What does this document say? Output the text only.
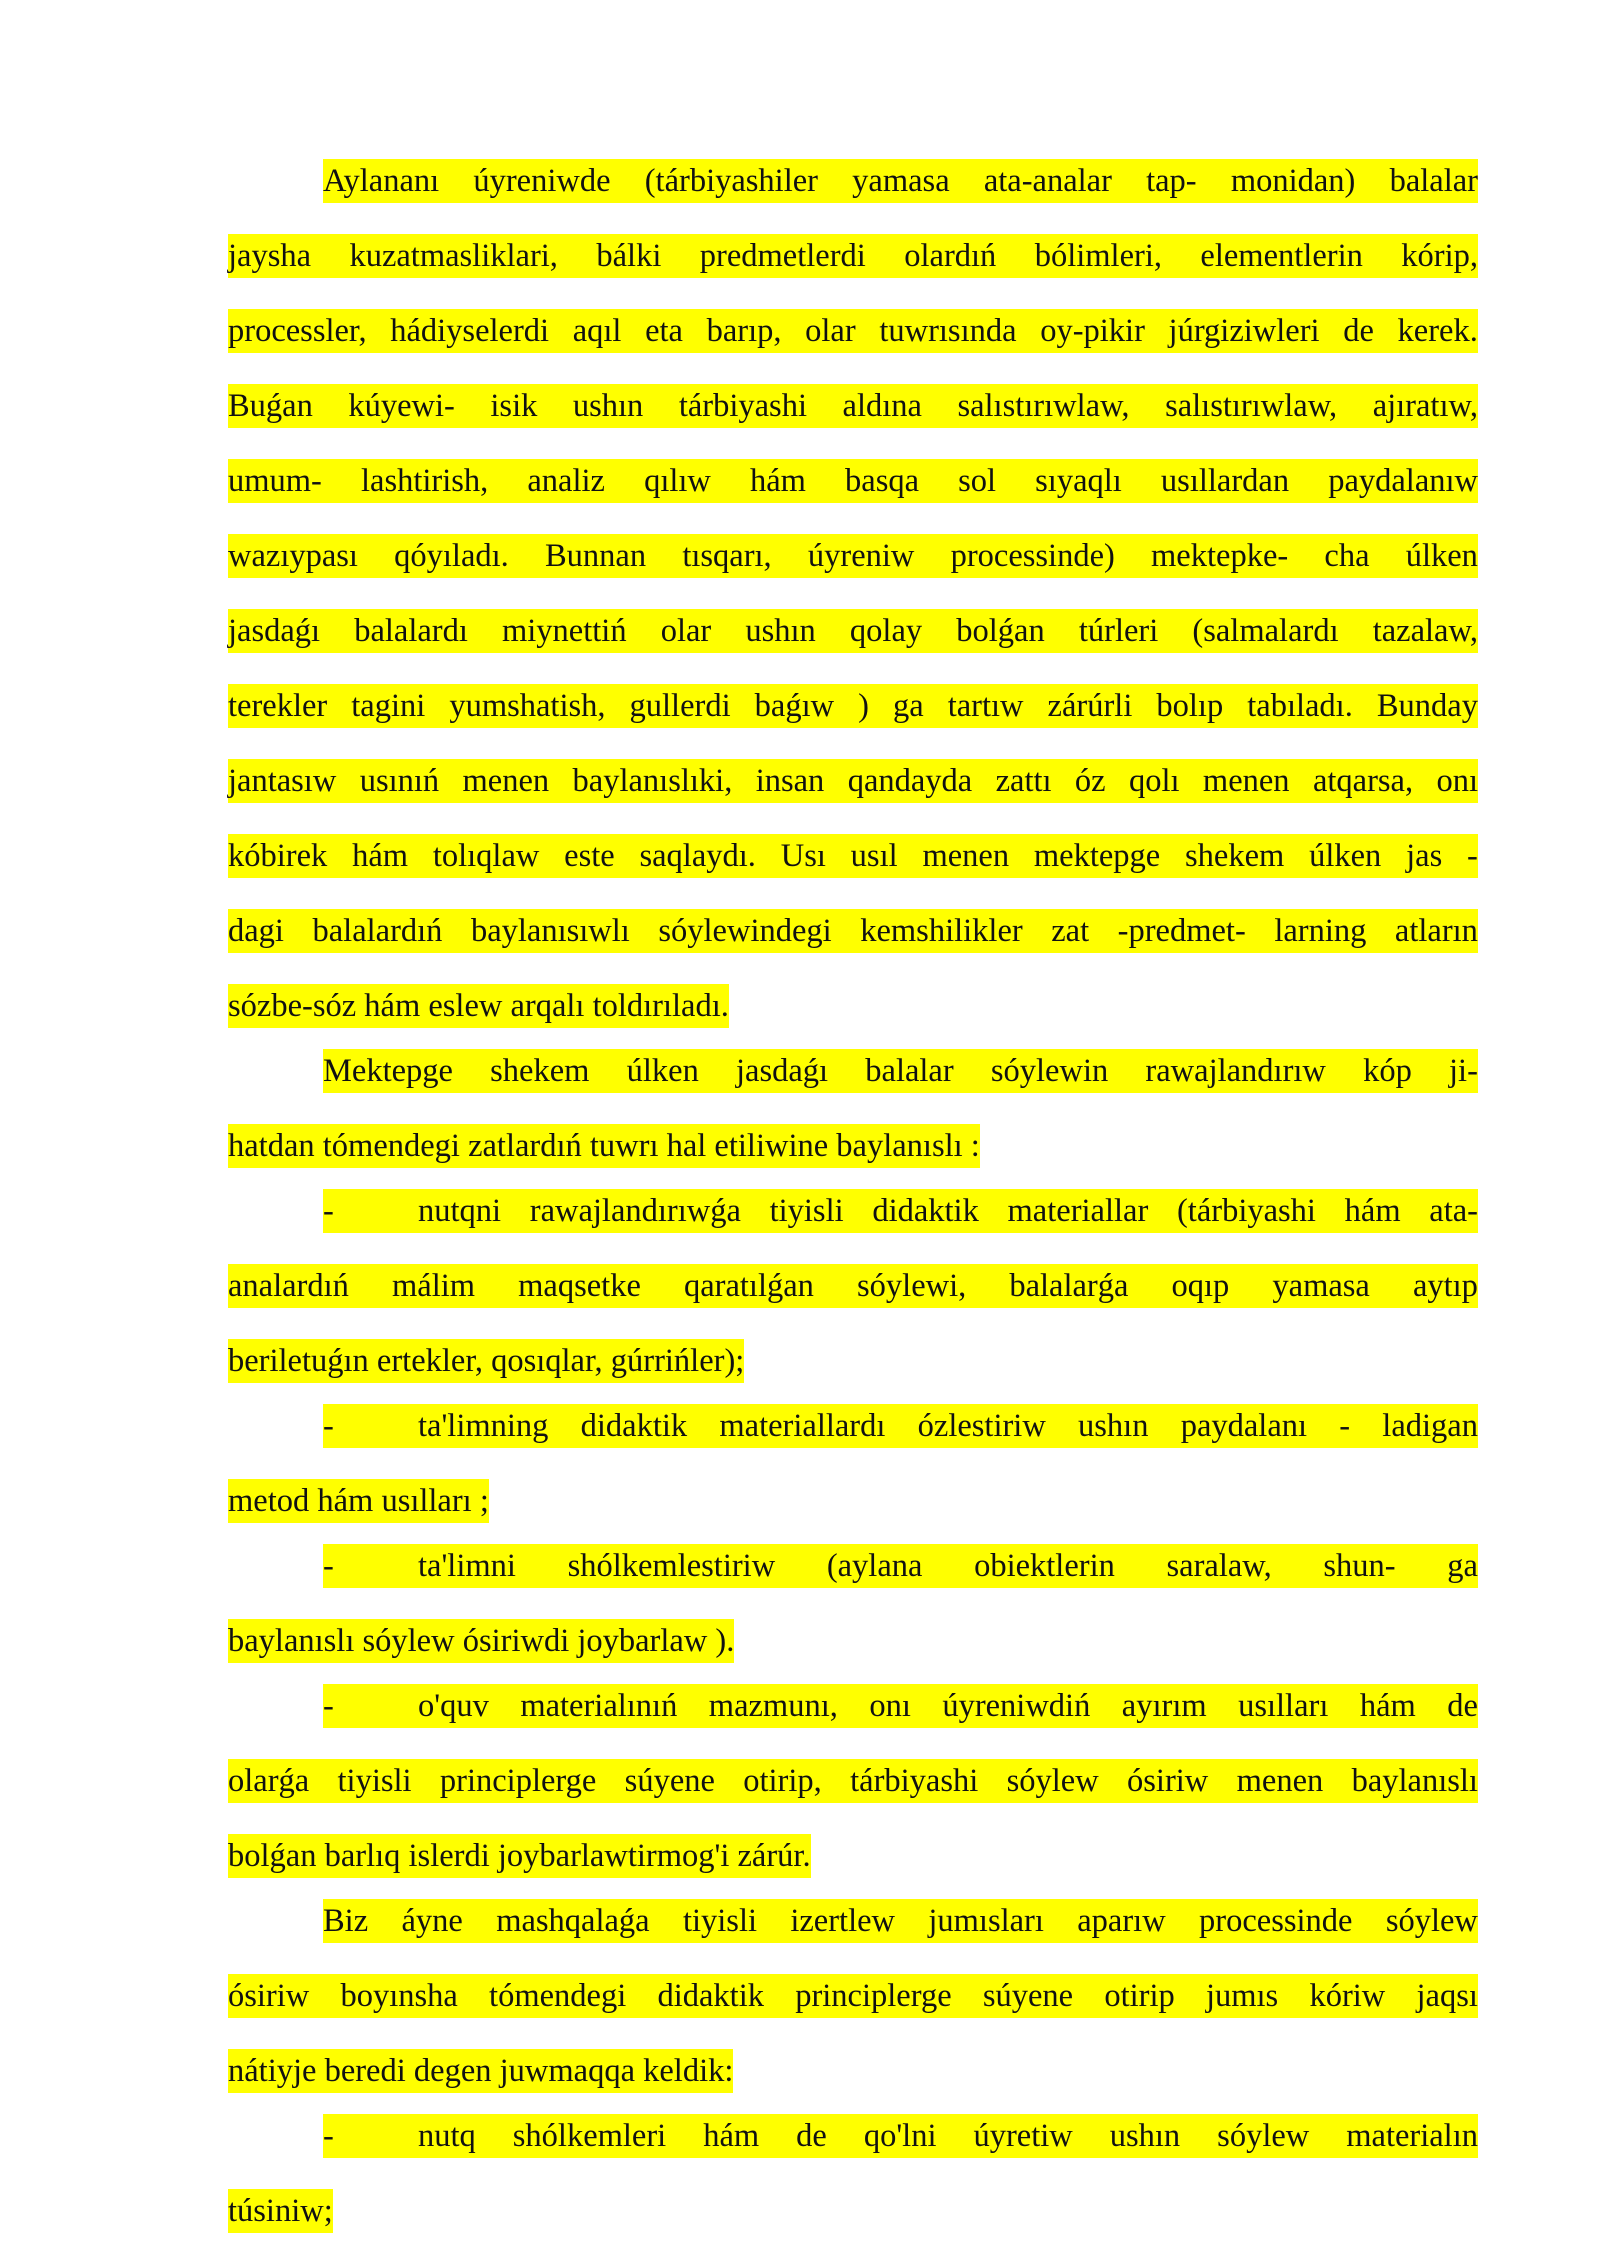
Aylananı úyreniwde (tárbiyashiler yamasa ata-analar tap- monidan) balalar
jaysha kuzatmasliklari, bálki predmetlerdi olardıń bólimleri, elementlerin kórip,
processler, hádiyselerdi aqıl eta barıp, olar tuwrısında oy-pikir júrgiziwleri de kerek.
Buǵan kúyewi- isik ushın tárbiyashi aldına salıstırıwlaw, salıstırıwlaw, ajıratıw,
umum- lashtirish, analiz qılıw hám basqa sol sıyaqlı usıllardan paydalanıw
wazıypası qóyıladı. Bunnan tısqarı, úyreniw processinde) mektepke- cha úlken
jasdaǵı balalardı miynettiń olar ushın qolay bolǵan túrleri (salmalardı tazalaw,
terekler tagini yumshatish, gullerdi baǵıw ) ga tartıw zárúrli bolıp tabıladı. Bunday
jantasıw usınıń menen baylanıslıki, insan qandayda zattı óz qolı menen atqarsa, onı
kóbirek hám tolıqlaw este saqlaydı. Usı usıl menen mektepge shekem úlken jas -
dagi balalardıń baylanısıwlı sóylewindegi kemshilikler zat -predmet- larning atların
sózbe-sóz hám eslew arqalı toldırıladı.
Mektepge shekem úlken jasdaǵı balalar sóylewin rawajlandırıw kóp ji-
hatdan tómendegi zatlardıń tuwrı hal etiliwine baylanıslı :
-	nutqni rawajlandırıwǵa tiyisli didaktik materiallar (tárbiyashi hám ata-
analardıń málim maqsetke qaratılǵan sóylewi, balalarǵa oqıp yamasa aytıp
beriletuǵın ertekler, qosıqlar, gúrrińler);
-	ta'limning didaktik materiallardı ózlestiriw ushın paydalanı - ladigan
metod hám usılları ;
-	ta'limni shólkemlestiriw (aylana obiektlerin saralaw, shun- ga
baylanıslı sóylew ósiriwdi joybarlaw ).
-	o'quv materialınıń mazmunı, onı úyreniwdiń ayırım usılları hám de
olarǵa tiyisli principlerge súyene otirip, tárbiyashi sóylew ósiriw menen baylanıslı
bolǵan barlıq islerdi joybarlawtirmog'i zárúr.
Biz áyne mashqalaǵa tiyisli izertlew jumısları aparıw processinde sóylew
ósiriw boyınsha tómendegi didaktik principlerge súyene otirip jumıs kóriw jaqsı
nátiyje beredi degen juwmaqqa keldik:
-	nutq shólkemleri hám de qo'lni úyretiw ushın sóylew materialın
túsiniw;
